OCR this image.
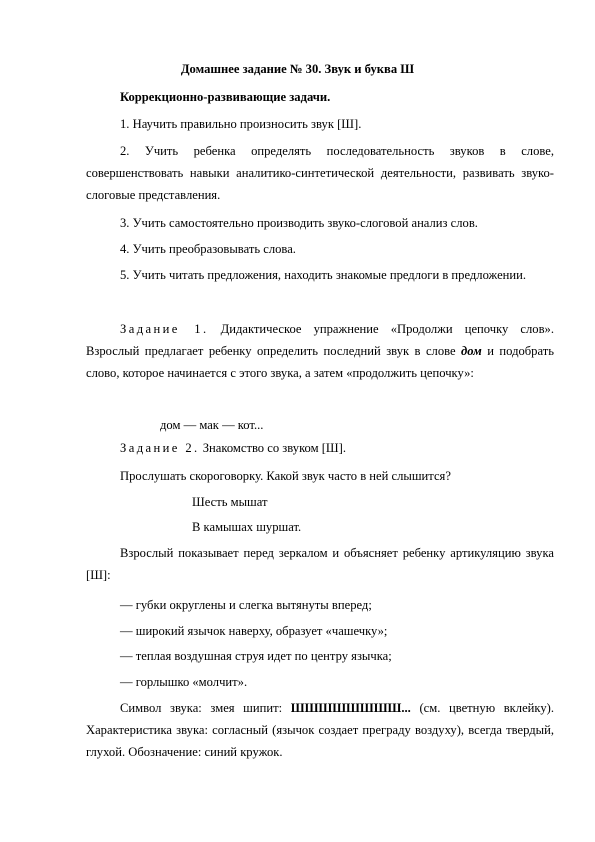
Домашнее задание № 30. Звук и буква Ш
Коррекционно-развивающие задачи.
1. Научить правильно произносить звук [Ш].
2. Учить ребенка определять последовательность звуков в слове, совершенствовать навыки аналитико-синтетической деятельности, развивать звуко-слоговые представления.
3. Учить самостоятельно производить звуко-слоговой анализ слов.
4. Учить преобразовывать слова.
5. Учить читать предложения, находить знакомые предлоги в предложении.
Задание 1. Дидактическое упражнение «Продолжи цепочку слов». Взрослый предлагает ребенку определить последний звук в слове дом и подобрать слово, которое начинается с этого звука, а затем «продолжить цепочку»:
дом — мак — кот...
Задание 2. Знакомство со звуком [Ш].
Прослушать скороговорку. Какой звук часто в ней слышится?
Шесть мышат
В камышах шуршат.
Взрослый показывает перед зеркалом и объясняет ребенку артикуляцию звука [Ш]:
— губки округлены и слегка вытянуты вперед;
— широкий язычок наверху, образует «чашечку»;
— теплая воздушная струя идет по центру язычка;
— горлышко «молчит».
Символ звука: змея шипит: ШШШШШШШШ... (см. цветную вклейку). Характеристика звука: согласный (язычок создает преграду воздуху), всегда твердый, глухой. Обозначение: синий кружок.
